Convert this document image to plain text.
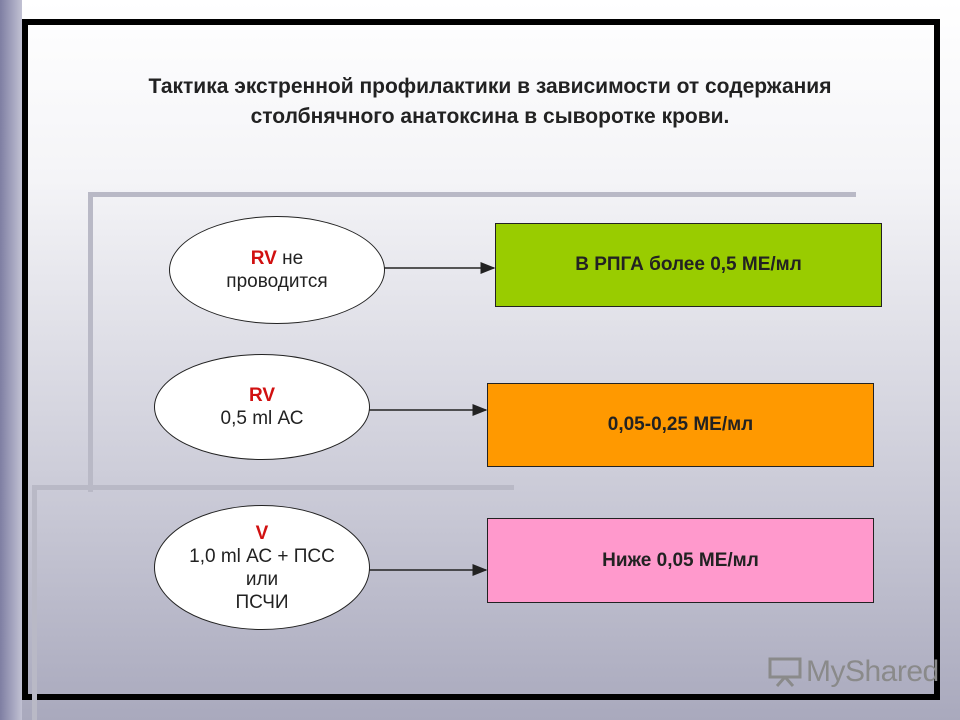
Тактика экстренной профилактики в зависимости от содержания
столбнячного анатоксина в сыворотке крови.
RV не
проводится
В РПГА более 0,5 МЕ/мл
RV
0,5 ml АС	0,05-0,25 МЕ/мл
V
1,0 ml АС + ПСС
или
ПСЧИ
Ниже 0,05 МЕ/мл
MyShared
